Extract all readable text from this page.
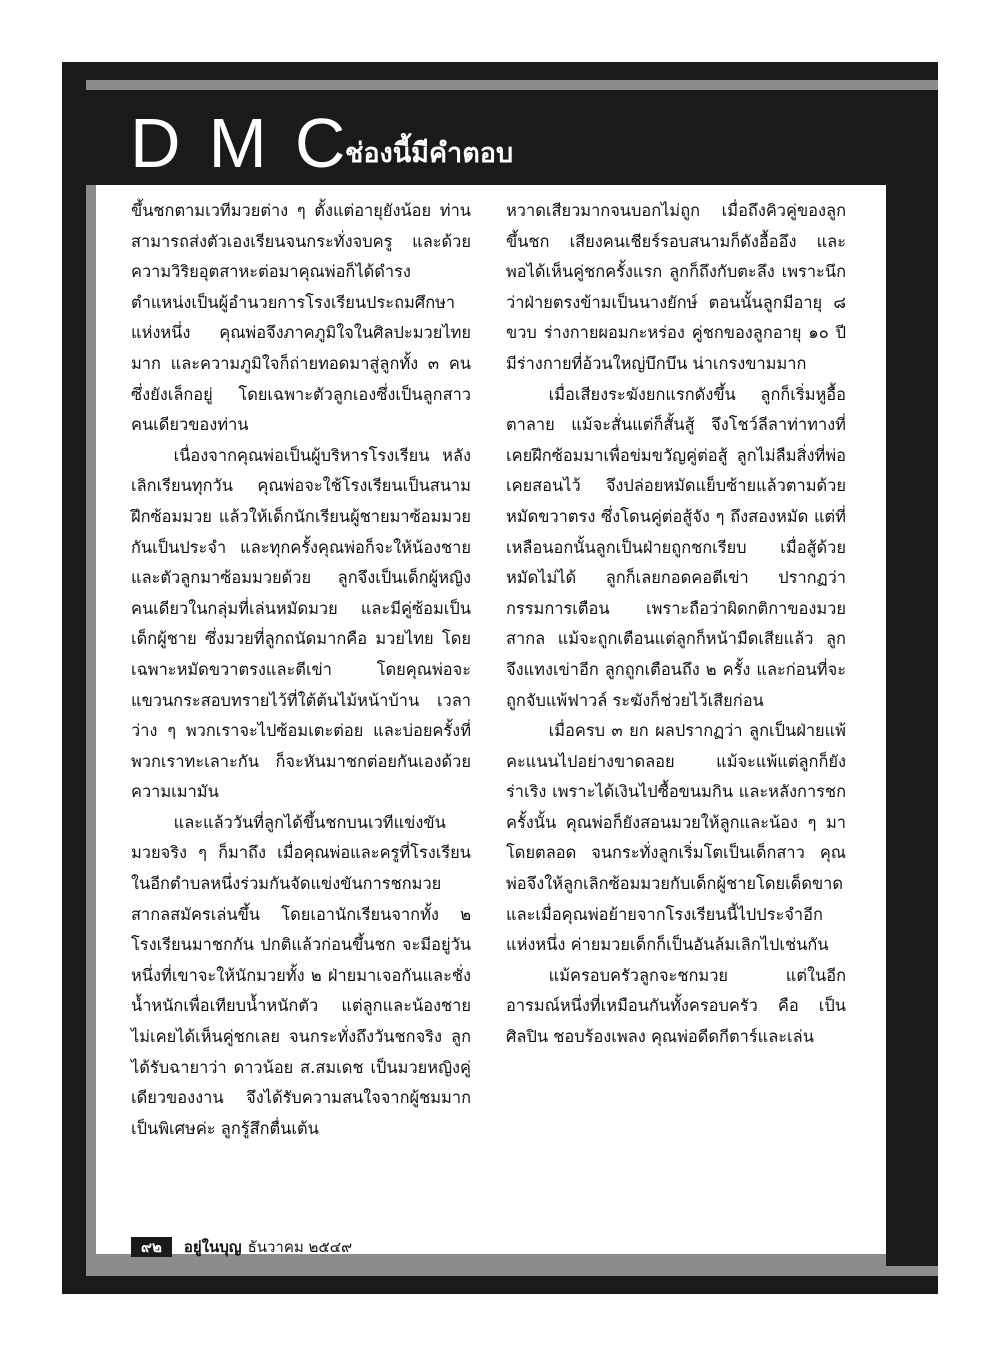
DMC
ช่องนี้มีคำตอบ

ขึ้นชกตามเวทีมวยต่าง ๆ ตั้งแต่อายุยังน้อย ท่านสามารถส่งตัวเองเรียนจนกระทั่งจบครู และด้วยความวิริยอุตสาหะต่อมาคุณพ่อก็ได้ดำรงตำแหน่งเป็นผู้อำนวยการโรงเรียนประถมศึกษาแห่งหนึ่ง คุณพ่อจึงภาคภูมิใจในศิลปะมวยไทยมาก และความภูมิใจก็ถ่ายทอดมาสู่ลูกทั้ง ๓ คนซึ่งยังเล็กอยู่ โดยเฉพาะตัวลูกเองซึ่งเป็นลูกสาวคนเดียวของท่าน

เนื่องจากคุณพ่อเป็นผู้บริหารโรงเรียน หลังเลิกเรียนทุกวัน คุณพ่อจะใช้โรงเรียนเป็นสนามฝึกซ้อมมวย แล้วให้เด็กนักเรียนผู้ชายมาซ้อมมวยกันเป็นประจำ และทุกครั้งคุณพ่อก็จะให้น้องชายและตัวลูกมาซ้อมมวยด้วย ลูกจึงเป็นเด็กผู้หญิงคนเดียวในกลุ่มที่เล่นหมัดมวย และมีคู่ซ้อมเป็นเด็กผู้ชาย ซึ่งมวยที่ลูกถนัดมากคือ มวยไทย โดยเฉพาะหมัดขวาตรงและตีเข่า โดยคุณพ่อจะแขวนกระสอบทรายไว้ที่ใต้ต้นไม้หน้าบ้าน เวลาว่าง ๆ พวกเราจะไปซ้อมเตะต่อย และบ่อยครั้งที่พวกเราทะเลาะกัน ก็จะหันมาชกต่อยกันเองด้วยความเมามัน

และแล้ววันที่ลูกได้ขึ้นชกบนเวทีแข่งขันมวยจริง ๆ ก็มาถึง เมื่อคุณพ่อและครูที่โรงเรียนในอีกตำบลหนึ่งร่วมกันจัดแข่งขันการชกมวยสากลสมัครเล่นขึ้น โดยเอานักเรียนจากทั้ง ๒ โรงเรียนมาชกกัน ปกติแล้วก่อนขึ้นชก จะมีอยู่วันหนึ่งที่เขาจะให้นักมวยทั้ง ๒ ฝ่ายมาเจอกันและชั่งน้ำหนักเพื่อเทียบน้ำหนักตัว แต่ลูกและน้องชายไม่เคยได้เห็นคู่ชกเลย จนกระทั่งถึงวันชกจริง ลูกได้รับฉายาว่า ดาวน้อย ส.สมเดช เป็นมวยหญิงคู่เดียวของงาน จึงได้รับความสนใจจากผู้ชมมากเป็นพิเศษค่ะ ลูกรู้สึกตื่นเต้น

หวาดเสียวมากจนบอกไม่ถูก เมื่อถึงคิวคู่ของลูกขึ้นชก เสียงคนเชียร์รอบสนามก็ดังอื้ออึง และพอได้เห็นคู่ชกครั้งแรก ลูกก็ถึงกับตะลึง เพราะนึกว่าฝ่ายตรงข้ามเป็นนางยักษ์ ตอนนั้นลูกมีอายุ ๘ ขวบ ร่างกายผอมกะหร่อง คู่ชกของลูกอายุ ๑๐ ปี มีร่างกายที่อ้วนใหญ่บึกบึน น่าเกรงขามมาก

เมื่อเสียงระฆังยกแรกดังขึ้น ลูกก็เริ่มหูอื้อตาลาย แม้จะสั่นแต่ก็สั้นสู้ จึงโชว์ลีลาท่าทางที่เคยฝึกซ้อมมาเพื่อข่มขวัญคู่ต่อสู้ ลูกไม่ลืมสิ่งที่พ่อเคยสอนไว้ จึงปล่อยหมัดแย็บซ้ายแล้วตามด้วยหมัดขวาตรง ซึ่งโดนคู่ต่อสู้จัง ๆ ถึงสองหมัด แต่ที่เหลือนอกนั้นลูกเป็นฝ่ายถูกชกเรียบ เมื่อสู้ด้วยหมัดไม่ได้ ลูกก็เลยกอดคอตีเข่า ปรากฏว่ากรรมการเตือน เพราะถือว่าผิดกติกาของมวยสากล แม้จะถูกเตือนแต่ลูกก็หน้ามืดเสียแล้ว ลูกจึงแทงเข่าอีก ลูกถูกเตือนถึง ๒ ครั้ง และก่อนที่จะถูกจับแพ้ฟาวล์ ระฆังก็ช่วยไว้เสียก่อน

เมื่อครบ ๓ ยก ผลปรากฏว่า ลูกเป็นฝ่ายแพ้คะแนนไปอย่างขาดลอย แม้จะแพ้แต่ลูกก็ยังร่าเริง เพราะได้เงินไปซื้อขนมกิน และหลังการชกครั้งนั้น คุณพ่อก็ยังสอนมวยให้ลูกและน้อง ๆ มาโดยตลอด จนกระทั่งลูกเริ่มโตเป็นเด็กสาว คุณพ่อจึงให้ลูกเลิกซ้อมมวยกับเด็กผู้ชายโดยเด็ดขาด และเมื่อคุณพ่อย้ายจากโรงเรียนนี้ไปประจำอีกแห่งหนึ่ง ค่ายมวยเด็กก็เป็นอันล้มเลิกไปเช่นกัน

แม้ครอบครัวลูกจะชกมวย แต่ในอีกอารมณ์หนึ่งที่เหมือนกันทั้งครอบครัว คือ เป็นศิลปิน ชอบร้องเพลง คุณพ่อดีดกีตาร์และเล่น

๙๒	อยู่ในบุญ ธันวาคม ๒๕๔๙
